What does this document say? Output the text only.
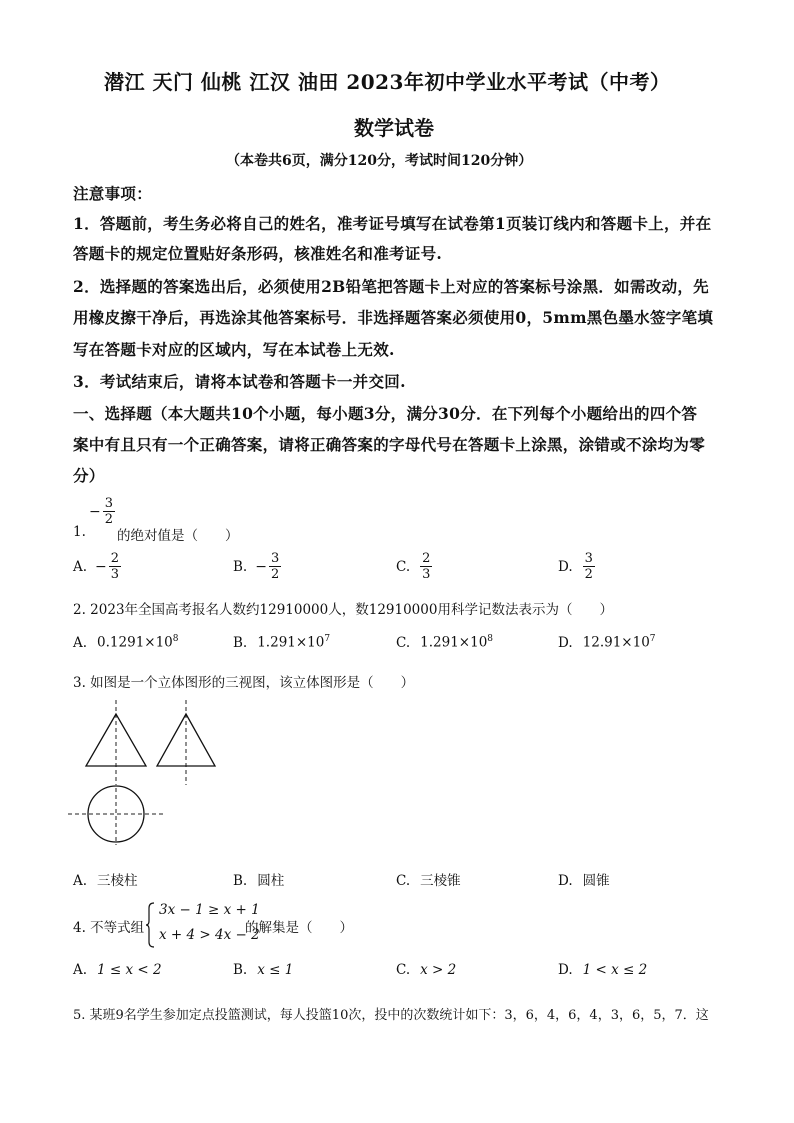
潜江 天门 仙桃 江汉 油田 2023年初中学业水平考试（中考）
数学试卷
（本卷共6页，满分120分，考试时间120分钟）
注意事项：
1．答题前，考生务必将自己的姓名，准考证号填写在试卷第1页装订线内和答题卡上，并在
答题卡的规定位置贴好条形码，核准姓名和准考证号.
2．选择题的答案选出后，必须使用2B铅笔把答题卡上对应的答案标号涂黑．如需改动，先
用橡皮擦干净后，再选涂其他答案标号．非选择题答案必须使用0，5mm黑色墨水签字笔填
写在答题卡对应的区域内，写在本试卷上无效.
3．考试结束后，请将本试卷和答题卡一并交回.
一、选择题（本大题共10个小题，每小题3分，满分30分．在下列每个小题给出的四个答
案中有且只有一个正确答案，请将正确答案的字母代号在答题卡上涂黑，涂错或不涂均为零
分）
1.
− $\frac{3}{2}$
的绝对值是（　　）
A. − $\frac{2}{3}$	B. − $\frac{3}{2}$	C. $\frac{2}{3}$	D. $\frac{3}{2}$
2. 2023年全国高考报名人数约12910000人，数12910000用科学记数法表示为（　　）
A. $0.1291\times 10^8$	B. $1.291\times 10^7$	C. $1.291\times 10^8$	D. $12.91\times 10^7$
3. 如图是一个立体图形的三视图，该立体图形是（　　）
A. 三棱柱	B. 圆柱	C. 三棱锥	D. 圆锥
4. 不等式组
3x − 1 ≥ x + 1
x + 4 > 4x − 2
的解集是（　　）
A. 1 ≤ x < 2	B. x ≤ 1	C. x > 2	D. 1 < x ≤ 2
5. 某班9名学生参加定点投篮测试，每人投篮10次，投中的次数统计如下：3，6，4，6，4，3，6，5，7．这
